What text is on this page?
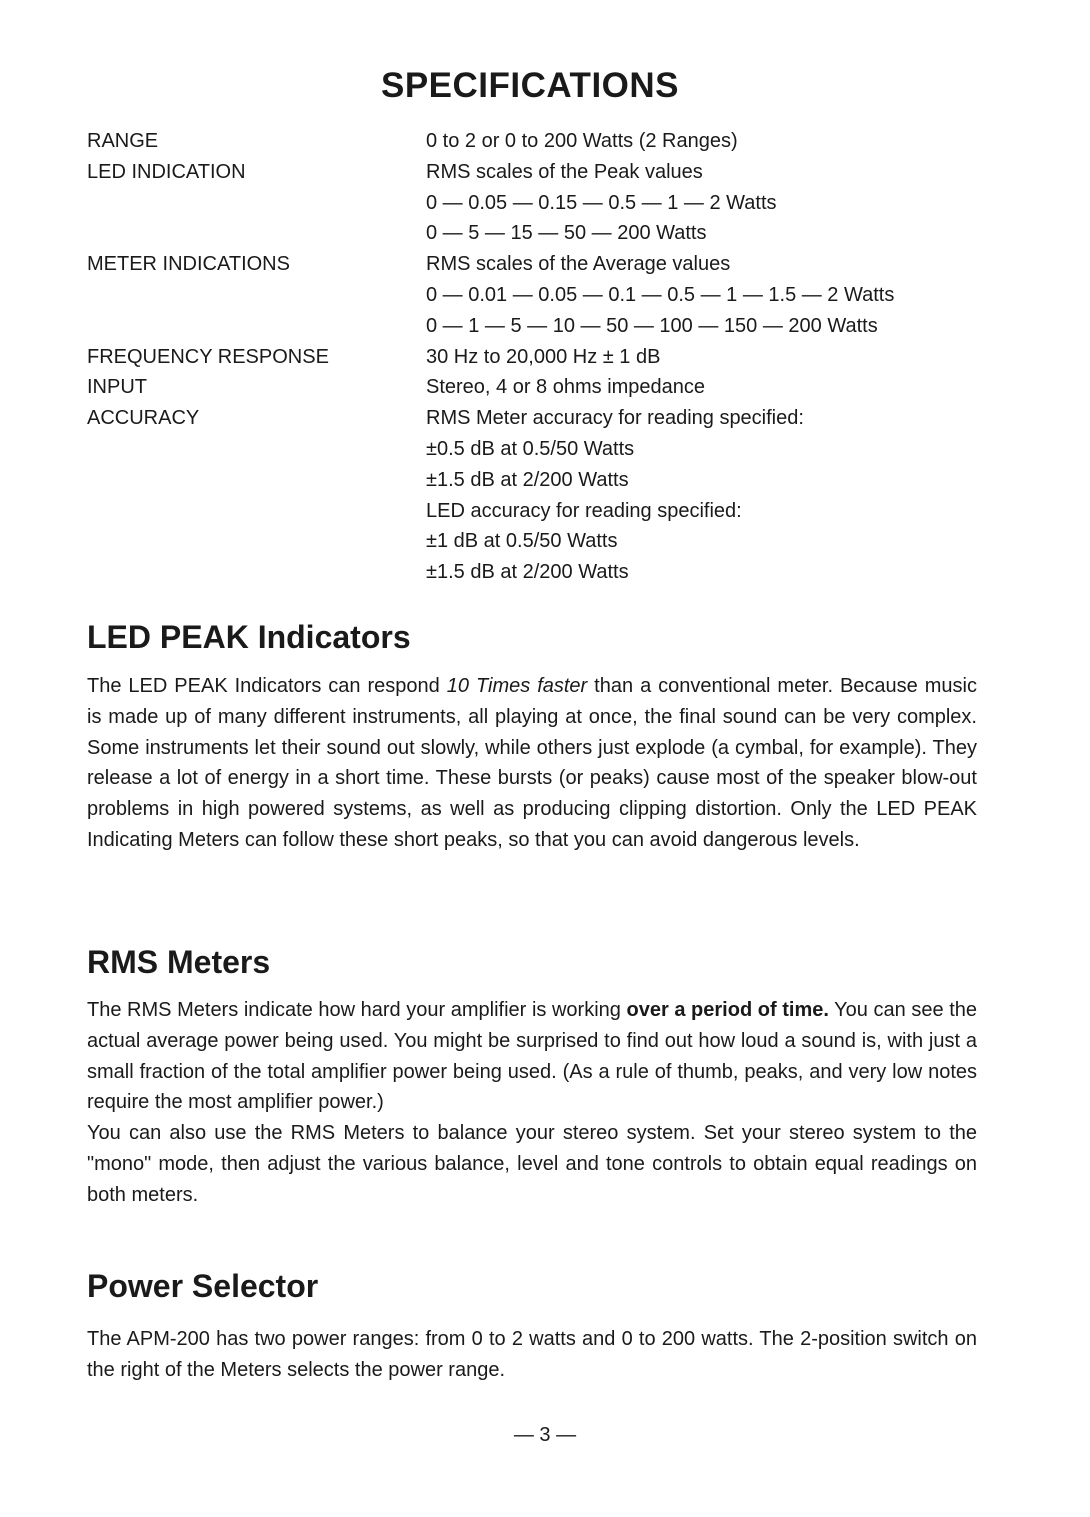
SPECIFICATIONS
RANGE	0 to 2 or 0 to 200 Watts (2 Ranges)
LED INDICATION	RMS scales of the Peak values
0 — 0.05 — 0.15 — 0.5 — 1 — 2 Watts
0 — 5 — 15 — 50 — 200 Watts
METER INDICATIONS	RMS scales of the Average values
0 — 0.01 — 0.05 — 0.1 — 0.5 — 1 — 1.5 — 2 Watts
0 — 1 — 5 — 10 — 50 — 100 — 150 — 200 Watts
FREQUENCY RESPONSE	30 Hz to 20,000 Hz ± 1 dB
INPUT	Stereo, 4 or 8 ohms impedance
ACCURACY	RMS Meter accuracy for reading specified:
±0.5 dB at 0.5/50 Watts
±1.5 dB at 2/200 Watts
LED accuracy for reading specified:
±1 dB at 0.5/50 Watts
±1.5 dB at 2/200 Watts
LED PEAK Indicators

The LED PEAK Indicators can respond 10 Times faster than a conventional meter. Because music is made up of many different instruments, all playing at once, the final sound can be very complex. Some instruments let their sound out slowly, while others just explode (a cymbal, for example). They release a lot of energy in a short time. These bursts (or peaks) cause most of the speaker blow-out problems in high powered systems, as well as producing clipping distortion. Only the LED PEAK Indicating Meters can follow these short peaks, so that you can avoid dangerous levels.

RMS Meters

The RMS Meters indicate how hard your amplifier is working over a period of time. You can see the actual average power being used. You might be surprised to find out how loud a sound is, with just a small fraction of the total amplifier power being used. (As a rule of thumb, peaks, and very low notes require the most amplifier power.)

You can also use the RMS Meters to balance your stereo system. Set your stereo system to the "mono" mode, then adjust the various balance, level and tone controls to obtain equal readings on both meters.

Power Selector

The APM-200 has two power ranges: from 0 to 2 watts and 0 to 200 watts. The 2-position switch on the right of the Meters selects the power range.

— 3 —
